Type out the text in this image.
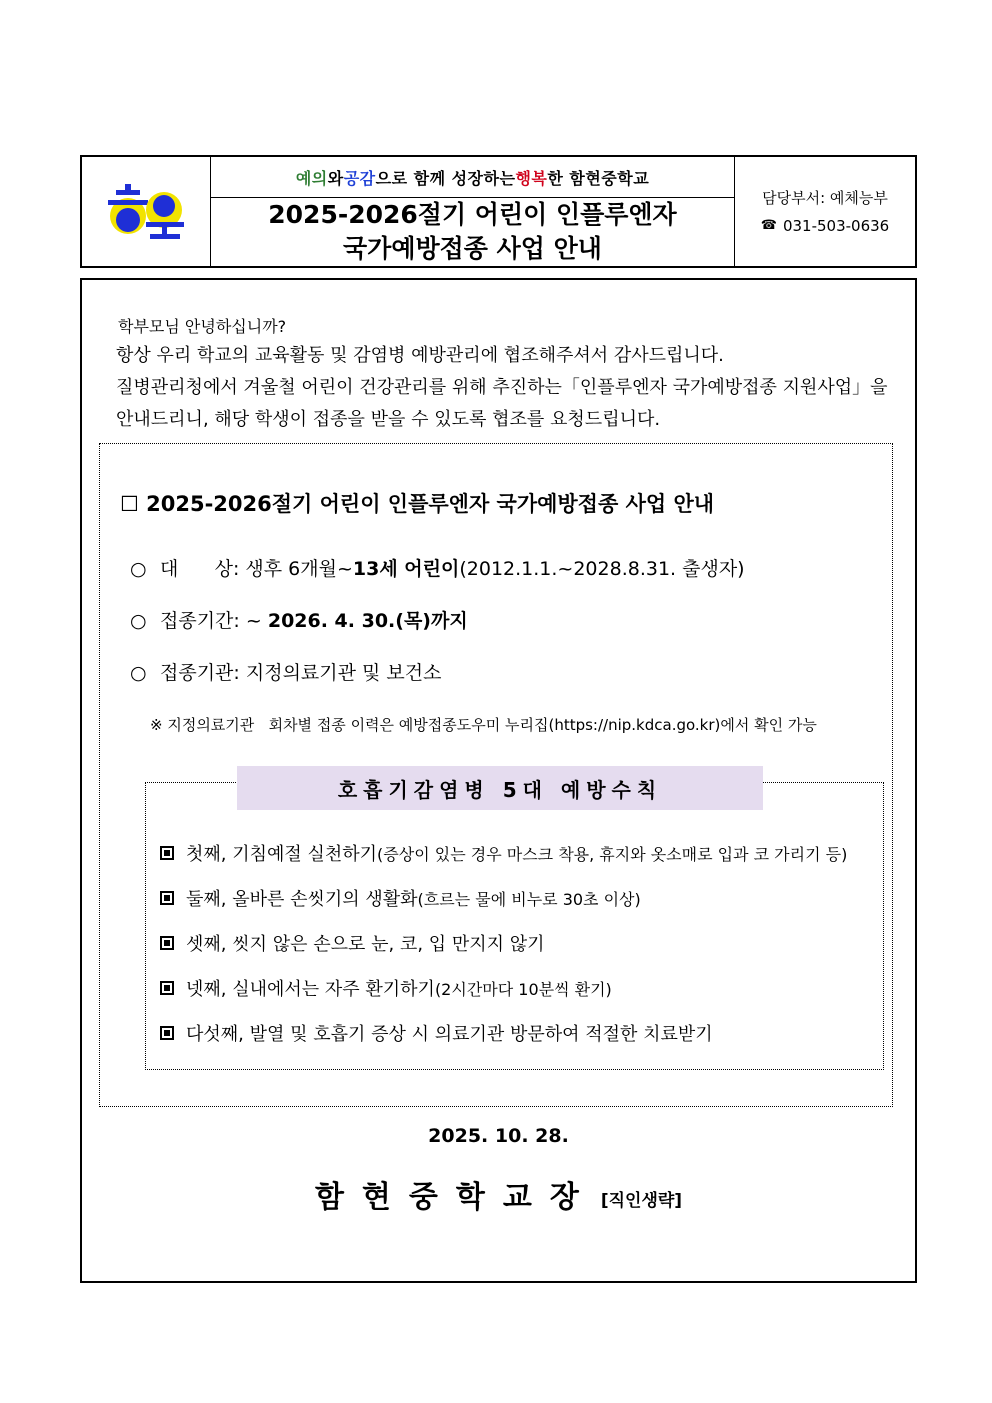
예의 와 공감 으로 함께 성장하는 행복 한 함현중학교
2025-2026절기 어린이 인플루엔자
국가예방접종 사업 안내
담당부서: 예체능부
☎ 031-503-0636
학부모님 안녕하십니까?
항상 우리 학교의 교육활동 및 감염병 예방관리에 협조해주셔서 감사드립니다.
질병관리청에서 겨울철 어린이 건강관리를 위해 추진하는「인플루엔자 국가예방접종 지원사업」을
안내드리니, 해당 학생이 접종을 받을 수 있도록 협조를 요청드립니다.
☐ 2025-2026절기 어린이 인플루엔자 국가예방접종 사업 안내
○ 대      상: 생후 6개월~13세 어린이(2012.1.1.~2028.8.31. 출생자)
○ 접종기간: ~ 2026. 4. 30.(목)까지
○ 접종기관: 지정의료기관 및 보건소
※ 지정의료기관   회차별 접종 이력은 예방접종도우미 누리집(https://nip.kdca.go.kr)에서 확인 가능
호흡기감염병 5대 예방수칙
첫째, 기침예절 실천하기 (증상이 있는 경우 마스크 착용, 휴지와 옷소매로 입과 코 가리기 등)
둘째, 올바른 손씻기의 생활화 (흐르는 물에 비누로 30초 이상)
셋째, 씻지 않은 손으로 눈, 코, 입 만지지 않기
넷째, 실내에서는 자주 환기하기 (2시간마다 10분씩 환기)
다섯째, 발열 및 호흡기 증상 시 의료기관 방문하여 적절한 치료받기
2025. 10. 28.
함현중학교장 [직인생략]
